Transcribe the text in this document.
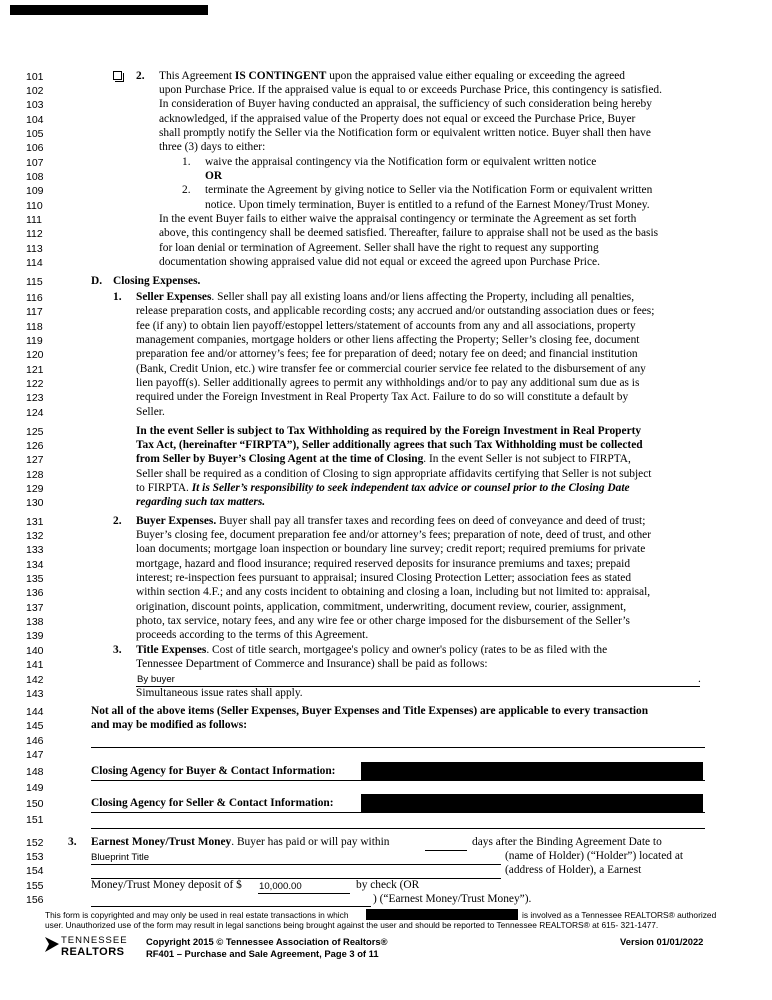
101
102
103
104
105
106
107
108
109
110
111
112
113
114
115
116
117
118
119
120
121
122
123
124
125
126
127
128
129
130
131
132
133
134
135
136
137
138
139
140
141
142
143
144
145
146
147
148
149
150
151
152
153
154
155
156
2. This Agreement IS CONTINGENT upon the appraised value either equaling or exceeding the agreed
upon Purchase Price. If the appraised value is equal to or exceeds Purchase Price, this contingency is satisfied.
In consideration of Buyer having conducted an appraisal, the sufficiency of such consideration being hereby
acknowledged, if the appraised value of the Property does not equal or exceed the Purchase Price, Buyer
shall promptly notify the Seller via the Notification form or equivalent written notice. Buyer shall then have
three (3) days to either:
1. waive the appraisal contingency via the Notification form or equivalent written notice
OR
2. terminate the Agreement by giving notice to Seller via the Notification Form or equivalent written
notice. Upon timely termination, Buyer is entitled to a refund of the Earnest Money/Trust Money.
In the event Buyer fails to either waive the appraisal contingency or terminate the Agreement as set forth
above, this contingency shall be deemed satisfied. Thereafter, failure to appraise shall not be used as the basis
for loan denial or termination of Agreement. Seller shall have the right to request any supporting
documentation showing appraised value did not equal or exceed the agreed upon Purchase Price.
D. Closing Expenses.
1. Seller Expenses. Seller shall pay all existing loans and/or liens affecting the Property, including all penalties,
release preparation costs, and applicable recording costs; any accrued and/or outstanding association dues or fees;
fee (if any) to obtain lien payoff/estoppel letters/statement of accounts from any and all associations, property
management companies, mortgage holders or other liens affecting the Property; Seller’s closing fee, document
preparation fee and/or attorney’s fees; fee for preparation of deed; notary fee on deed; and financial institution
(Bank, Credit Union, etc.) wire transfer fee or commercial courier service fee related to the disbursement of any
lien payoff(s). Seller additionally agrees to permit any withholdings and/or to pay any additional sum due as is
required under the Foreign Investment in Real Property Tax Act. Failure to do so will constitute a default by
Seller.
In the event Seller is subject to Tax Withholding as required by the Foreign Investment in Real Property
Tax Act, (hereinafter “FIRPTA”), Seller additionally agrees that such Tax Withholding must be collected
from Seller by Buyer’s Closing Agent at the time of Closing. In the event Seller is not subject to FIRPTA,
Seller shall be required as a condition of Closing to sign appropriate affidavits certifying that Seller is not subject
to FIRPTA. It is Seller’s responsibility to seek independent tax advice or counsel prior to the Closing Date
regarding such tax matters.
2. Buyer Expenses. Buyer shall pay all transfer taxes and recording fees on deed of conveyance and deed of trust;
Buyer’s closing fee, document preparation fee and/or attorney’s fees; preparation of note, deed of trust, and other
loan documents; mortgage loan inspection or boundary line survey; credit report; required premiums for private
mortgage, hazard and flood insurance; required reserved deposits for insurance premiums and taxes; prepaid
interest; re-inspection fees pursuant to appraisal; insured Closing Protection Letter; association fees as stated
within section 4.F.; and any costs incident to obtaining and closing a loan, including but not limited to: appraisal,
origination, discount points, application, commitment, underwriting, document review, courier, assignment,
photo, tax service, notary fees, and any wire fee or other charge imposed for the disbursement of the Seller’s
proceeds according to the terms of this Agreement.
3. Title Expenses. Cost of title search, mortgagee's policy and owner's policy (rates to be as filed with the
Tennessee Department of Commerce and Insurance) shall be paid as follows:
By buyer	.
Simultaneous issue rates shall apply.
Not all of the above items (Seller Expenses, Buyer Expenses and Title Expenses) are applicable to every transaction
and may be modified as follows:
Closing Agency for Buyer & Contact Information:
Closing Agency for Seller & Contact Information:
3. Earnest Money/Trust Money. Buyer has paid or will pay within	days after the Binding Agreement Date to
Blueprint Title	(name of Holder) (“Holder”) located at
(address of Holder), a Earnest
Money/Trust Money deposit of $ 10,000.00	by check (OR
) (“Earnest Money/Trust Money”).
This form is copyrighted and may only be used in real estate transactions in which	is involved as a Tennessee REALTORS® authorized
user. Unauthorized use of the form may result in legal sanctions being brought against the user and should be reported to Tennessee REALTORS® at 615- 321-1477.
TENNESSEE
REALTORS
Copyright 2015 © Tennessee Association of Realtors®
RF401 – Purchase and Sale Agreement, Page 3 of 11
Version 01/01/2022
